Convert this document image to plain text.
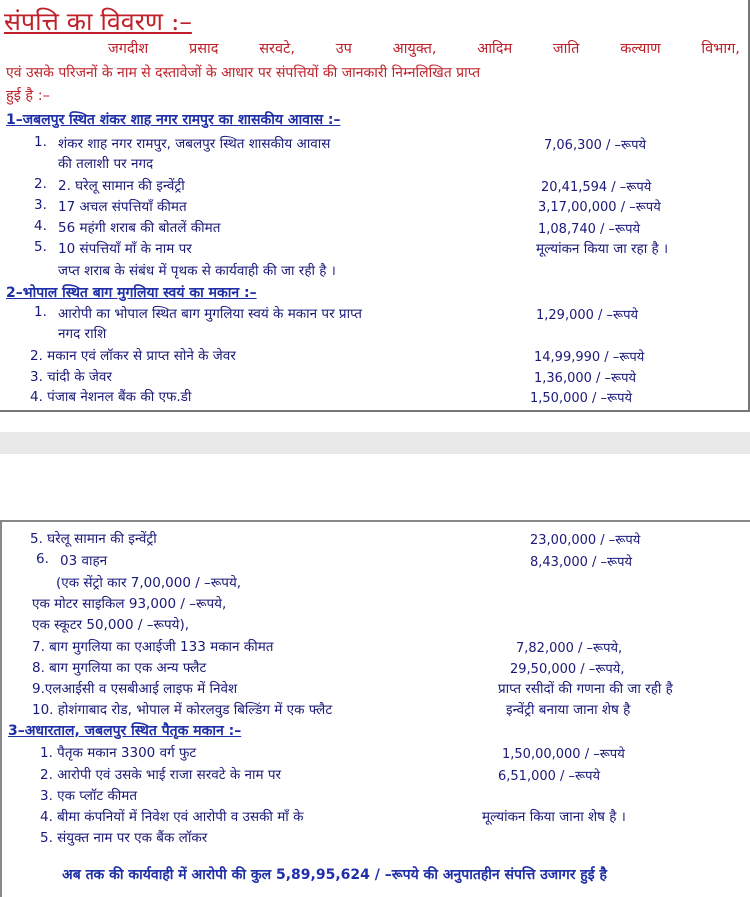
संपत्ति का विवरण :–
जगदीश	प्रसाद	सरवटे,	उप	आयुक्त,	आदिम	जाति	कल्याण	विभाग,
एवं उसके परिजनों के नाम से दस्तावेजों के आधार पर संपत्तियों की जानकारी निम्नलिखित प्राप्त
हुई है :–
1–जबलपुर स्थित शंकर शाह नगर रामपुर का शासकीय आवास :–
1. शंकर शाह नगर रामपुर, जबलपुर स्थित शासकीय आवास	7,06,300 / –रूपये
की तलाशी पर नगद
2. 2. घरेलू सामान की इन्वेंट्री	20,41,594 / –रूपये
3. 17 अचल संपत्तियाँ कीमत	3,17,00,000 / –रूपये
4. 56 महंगी शराब की बोतलें कीमत	1,08,740 / –रूपये
5. 10 संपत्तियाँ माँ के नाम पर	मूल्यांकन किया जा रहा है ।
जप्त शराब के संबंध में पृथक से कार्यवाही की जा रही है ।
2–भोपाल स्थित बाग मुगलिया स्वयं का मकान :–
1. आरोपी का भोपाल स्थित बाग मुगलिया स्वयं के मकान पर प्राप्त	1,29,000 / –रूपये
नगद राशि
2. मकान एवं लॉकर से प्राप्त सोने के जेवर	14,99,990 / –रूपये
3. चांदी के जेवर	1,36,000 / –रूपये
4. पंजाब नेशनल बैंक की एफ.डी	1,50,000 / –रूपये
5. घरेलू सामान की इन्वेंट्री	23,00,000 / –रूपये
6. 03 वाहन	8,43,000 / –रूपये
(एक सेंट्रो कार 7,00,000 / –रूपये,
एक मोटर साइकिल 93,000 / –रूपये,
एक स्कूटर 50,000 / –रूपये),
7. बाग मुगलिया का एआईजी 133 मकान कीमत	7,82,000 / –रूपये,
8. बाग मुगलिया का एक अन्य फ्लैट	29,50,000 / –रूपये,
9.एलआईसी व एसबीआई लाइफ में निवेश	प्राप्त रसीदों की गणना की जा रही है
10. होशंगाबाद रोड, भोपाल में कोरलवुड बिल्डिंग में एक फ्लैट	इन्वेंट्री बनाया जाना शेष है
3–अधारताल, जबलपुर स्थित पैतृक मकान :–
1. पैतृक मकान 3300 वर्ग फुट	1,50,00,000 / –रूपये
2. आरोपी एवं उसके भाई राजा सरवटे के नाम पर	6,51,000 / –रूपये
3. एक प्लॉट कीमत
4. बीमा कंपनियों में निवेश एवं आरोपी व उसकी माँ के	मूल्यांकन किया जाना शेष है ।
5. संयुक्त नाम पर एक बैंक लॉकर
अब तक की कार्यवाही में आरोपी की कुल 5,89,95,624 / –रूपये की अनुपातहीन संपत्ति उजागर हुई है
